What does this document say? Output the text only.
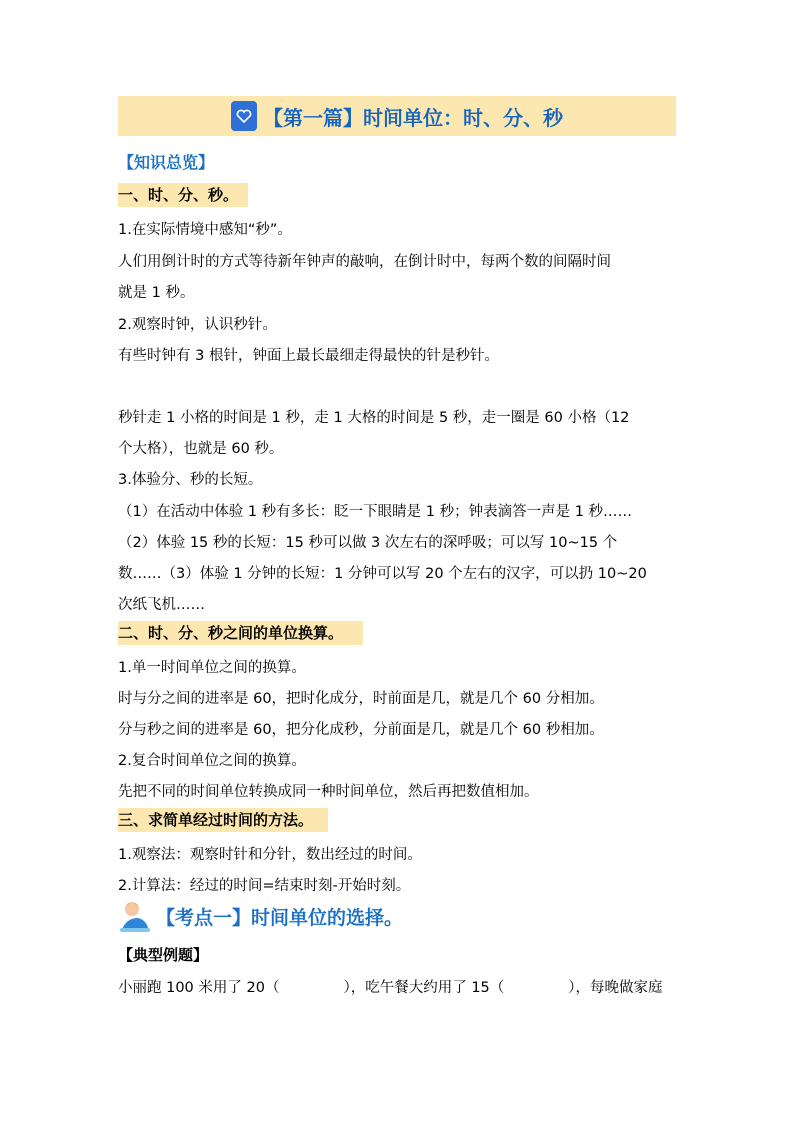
【第一篇】时间单位：时、分、秒
【知识总览】
一、时、分、秒。
1.在实际情境中感知“秒”。
人们用倒计时的方式等待新年钟声的敲响，在倒计时中，每两个数的间隔时间
就是 1 秒。
2.观察时钟，认识秒针。
有些时钟有 3 根针，钟面上最长最细走得最快的针是秒针。
秒针走 1 小格的时间是 1 秒，走 1 大格的时间是 5 秒，走一圈是 60 小格（12
个大格），也就是 60 秒。
3.体验分、秒的长短。
（1）在活动中体验 1 秒有多长：眨一下眼睛是 1 秒；钟表滴答一声是 1 秒……
（2）体验 15 秒的长短：15 秒可以做 3 次左右的深呼吸；可以写 10~15 个
数……（3）体验 1 分钟的长短：1 分钟可以写 20 个左右的汉字，可以扔 10~20
次纸飞机……
二、时、分、秒之间的单位换算。
1.单一时间单位之间的换算。
时与分之间的进率是 60，把时化成分，时前面是几，就是几个 60 分相加。
分与秒之间的进率是 60，把分化成秒，分前面是几，就是几个 60 秒相加。
2.复合时间单位之间的换算。
先把不同的时间单位转换成同一种时间单位，然后再把数值相加。
三、求简单经过时间的方法。
1.观察法：观察时针和分针，数出经过的时间。
2.计算法：经过的时间=结束时刻-开始时刻。
【考点一】时间单位的选择。
【典型例题】
小丽跑 100 米用了 20（	），吃午餐大约用了 15（	），每晚做家庭
